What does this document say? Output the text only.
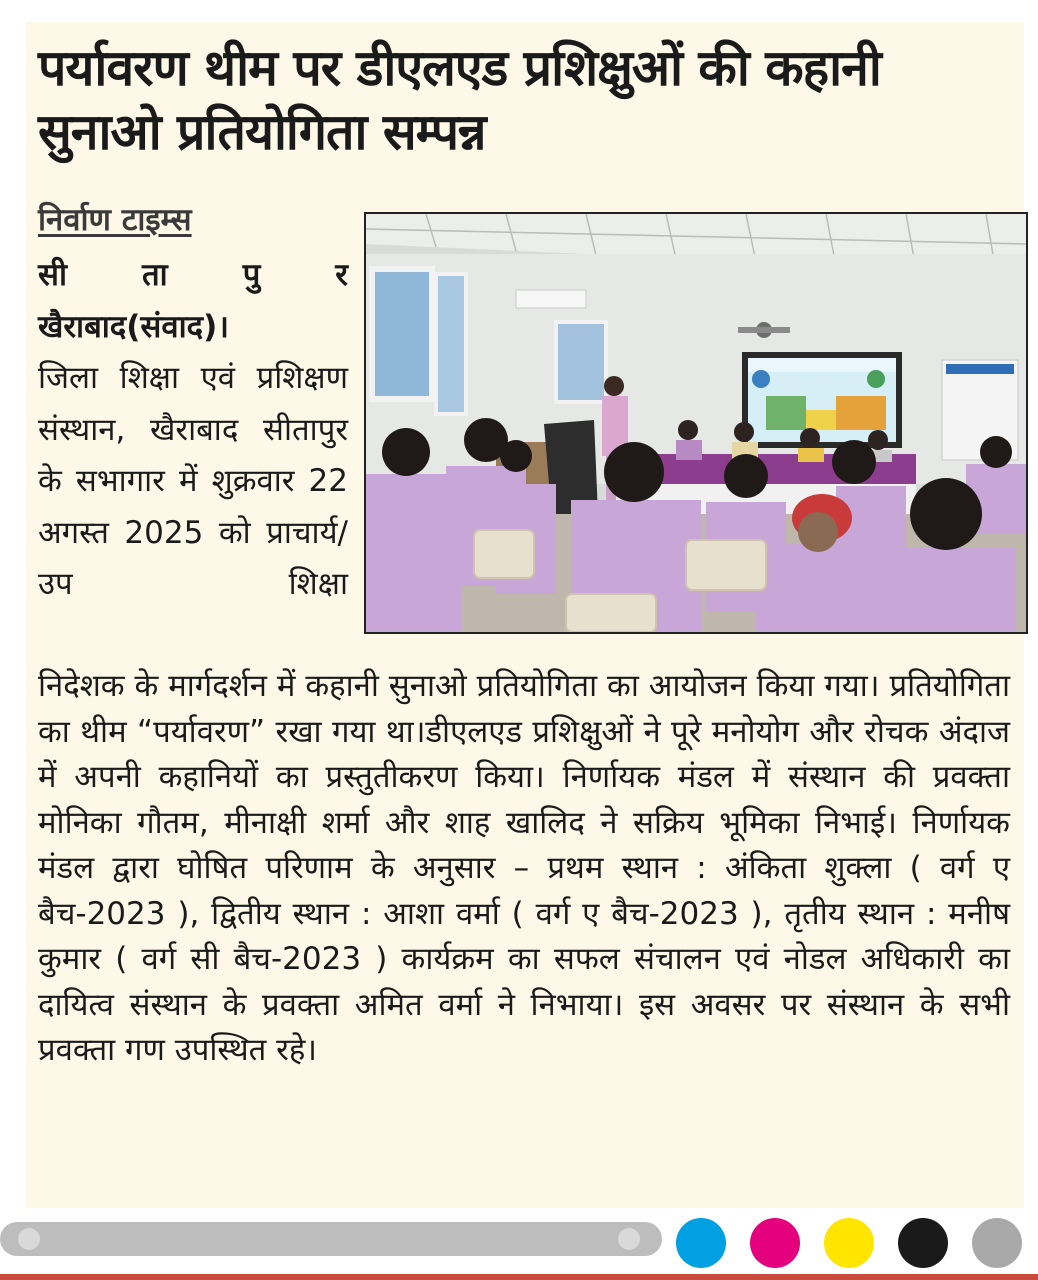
पर्यावरण थीम पर डीएलएड प्रशिक्षुओं की कहानी सुनाओ प्रतियोगिता सम्पन्न
निर्वाण टाइम्स
सी ता पु र
खैराबाद(संवाद)।
जिला शिक्षा एवं प्रशिक्षण संस्थान, खैराबाद सीतापुर के सभागार में शुक्रवार 22 अगस्त 2025 को प्राचार्य/उप शिक्षा
निदेशक के मार्गदर्शन में कहानी सुनाओ प्रतियोगिता का आयोजन किया गया। प्रतियोगिता का थीम “पर्यावरण” रखा गया था।डीएलएड प्रशिक्षुओं ने पूरे मनोयोग और रोचक अंदाज में अपनी कहानियों का प्रस्तुतीकरण किया। निर्णायक मंडल में संस्थान की प्रवक्ता मोनिका गौतम, मीनाक्षी शर्मा और शाह खालिद ने सक्रिय भूमिका निभाई। निर्णायक मंडल द्वारा घोषित परिणाम के अनुसार – प्रथम स्थान : अंकिता शुक्ला ( वर्ग ए बैच-2023 ), द्वितीय स्थान : आशा वर्मा ( वर्ग ए बैच-2023 ), तृतीय स्थान : मनीष कुमार ( वर्ग सी बैच-2023 ) कार्यक्रम का सफल संचालन एवं नोडल अधिकारी का दायित्व संस्थान के प्रवक्ता अमित वर्मा ने निभाया। इस अवसर पर संस्थान के सभी प्रवक्ता गण उपस्थित रहे।
